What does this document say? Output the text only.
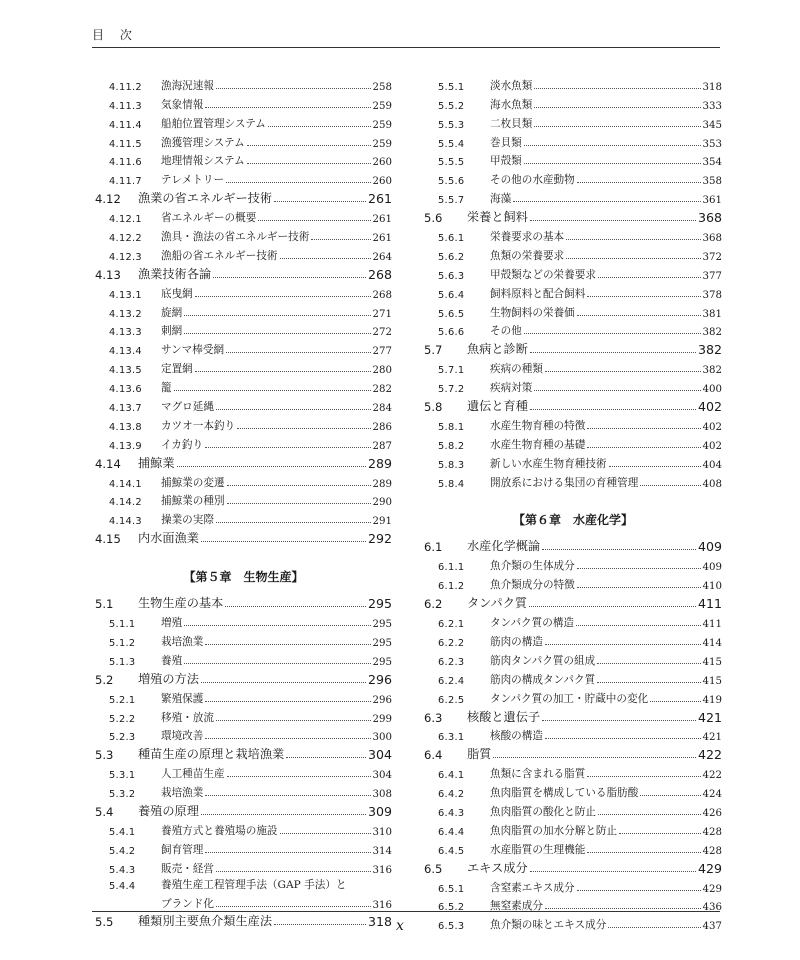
目 次
4.11.2	漁海況速報	258
4.11.3	気象情報	259
4.11.4	船舶位置管理システム	259
4.11.5	漁獲管理システム	259
4.11.6	地理情報システム	260
4.11.7	テレメトリー	260
4.12	漁業の省エネルギー技術	261
4.12.1	省エネルギーの概要	261
4.12.2	漁具・漁法の省エネルギー技術	261
4.12.3	漁船の省エネルギー技術	264
4.13	漁業技術各論	268
4.13.1	底曳網	268
4.13.2	旋網	271
4.13.3	刺網	272
4.13.4	サンマ棒受網	277
4.13.5	定置網	280
4.13.6	籠	282
4.13.7	マグロ延縄	284
4.13.8	カツオ一本釣り	286
4.13.9	イカ釣り	287
4.14	捕鯨業	289
4.14.1	捕鯨業の変遷	289
4.14.2	捕鯨業の種別	290
4.14.3	操業の実際	291
4.15	内水面漁業	292
【第５章　生物生産】
5.1	生物生産の基本	295
5.1.1	増殖	295
5.1.2	栽培漁業	295
5.1.3	養殖	295
5.2	増殖の方法	296
5.2.1	繁殖保護	296
5.2.2	移殖・放流	299
5.2.3	環境改善	300
5.3	種苗生産の原理と栽培漁業	304
5.3.1	人工種苗生産	304
5.3.2	栽培漁業	308
5.4	養殖の原理	309
5.4.1	養殖方式と養殖場の施設	310
5.4.2	飼育管理	314
5.4.3	販売・経営	316
5.4.4	養殖生産工程管理手法（GAP 手法）と
ブランド化	316
5.5	種類別主要魚介類生産法	318
5.5.1	淡水魚類	318
5.5.2	海水魚類	333
5.5.3	二枚貝類	345
5.5.4	巻貝類	353
5.5.5	甲殻類	354
5.5.6	その他の水産動物	358
5.5.7	海藻	361
5.6	栄養と飼料	368
5.6.1	栄養要求の基本	368
5.6.2	魚類の栄養要求	372
5.6.3	甲殻類などの栄養要求	377
5.6.4	飼料原料と配合飼料	378
5.6.5	生物飼料の栄養価	381
5.6.6	その他	382
5.7	魚病と診断	382
5.7.1	疾病の種類	382
5.7.2	疾病対策	400
5.8	遺伝と育種	402
5.8.1	水産生物育種の特徴	402
5.8.2	水産生物育種の基礎	402
5.8.3	新しい水産生物育種技術	404
5.8.4	開放系における集団の育種管理	408
【第６章　水産化学】
6.1	水産化学概論	409
6.1.1	魚介類の生体成分	409
6.1.2	魚介類成分の特徴	410
6.2	タンパク質	411
6.2.1	タンパク質の構造	411
6.2.2	筋肉の構造	414
6.2.3	筋肉タンパク質の組成	415
6.2.4	筋肉の構成タンパク質	415
6.2.5	タンパク質の加工・貯蔵中の変化	419
6.3	核酸と遺伝子	421
6.3.1	核酸の構造	421
6.4	脂質	422
6.4.1	魚類に含まれる脂質	422
6.4.2	魚肉脂質を構成している脂肪酸	424
6.4.3	魚肉脂質の酸化と防止	426
6.4.4	魚肉脂質の加水分解と防止	428
6.4.5	水産脂質の生理機能	428
6.5	エキス成分	429
6.5.1	含窒素エキス成分	429
6.5.2	無窒素成分	436
6.5.3	魚介類の味とエキス成分	437
x
